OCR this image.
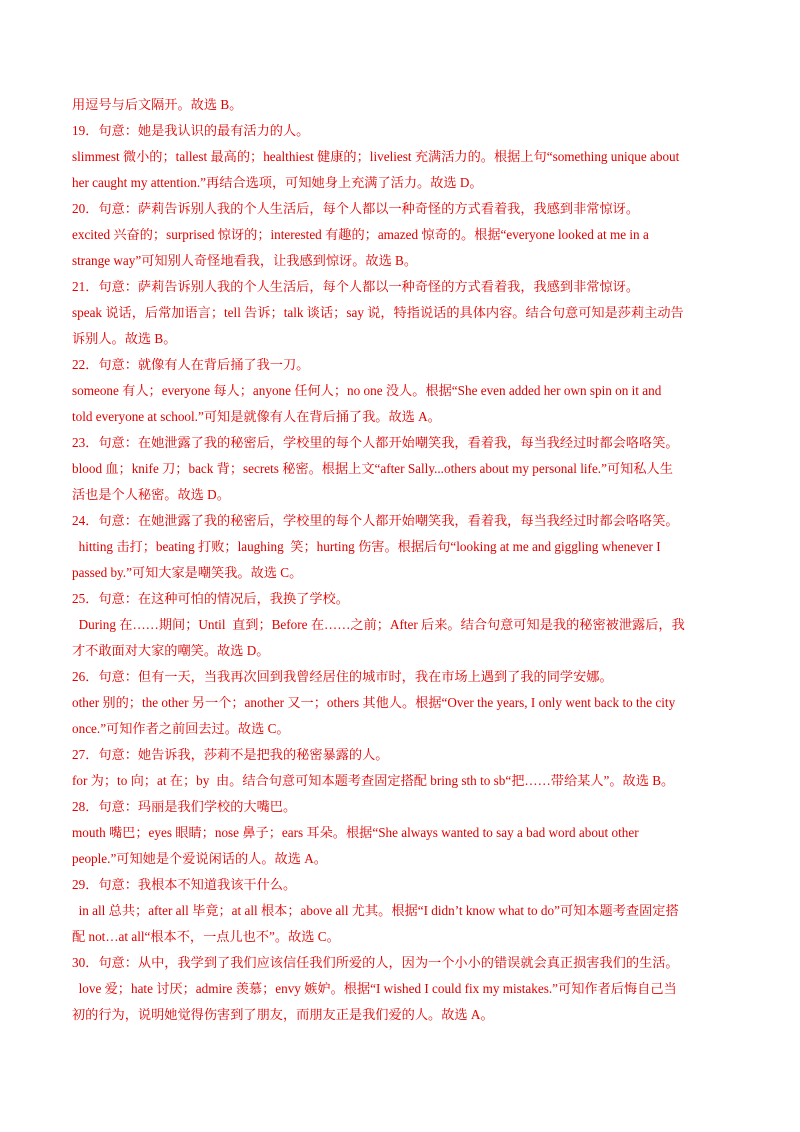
用逗号与后文隔开。故选 B。
19．句意：她是我认识的最有活力的人。
slimmest 微小的；tallest 最高的；healthiest 健康的；liveliest 充满活力的。根据上句“something unique about
her caught my attention.”再结合选项，可知她身上充满了活力。故选 D。
20．句意：萨莉告诉别人我的个人生活后，每个人都以一种奇怪的方式看着我，我感到非常惊讶。
excited 兴奋的；surprised 惊讶的；interested 有趣的；amazed 惊奇的。根据“everyone looked at me in a
strange way”可知别人奇怪地看我，让我感到惊讶。故选 B。
21．句意：萨莉告诉别人我的个人生活后，每个人都以一种奇怪的方式看着我，我感到非常惊讶。
speak 说话，后常加语言；tell 告诉；talk 谈话；say 说，特指说话的具体内容。结合句意可知是莎莉主动告
诉别人。故选 B。
22．句意：就像有人在背后捅了我一刀。
someone 有人；everyone 每人；anyone 任何人；no one 没人。根据“She even added her own spin on it and
told everyone at school.”可知是就像有人在背后捅了我。故选 A。
23．句意：在她泄露了我的秘密后，学校里的每个人都开始嘲笑我，看着我，每当我经过时都会咯咯笑。
blood 血；knife 刀；back 背；secrets 秘密。根据上文“after Sally...others about my personal life.”可知私人生
活也是个人秘密。故选 D。
24．句意：在她泄露了我的秘密后，学校里的每个人都开始嘲笑我，看着我，每当我经过时都会咯咯笑。
hitting 击打；beating 打败；laughing  笑；hurting 伤害。根据后句“looking at me and giggling whenever I
passed by.”可知大家是嘲笑我。故选 C。
25．句意：在这种可怕的情况后，我换了学校。
During 在……期间；Until  直到；Before 在……之前；After 后来。结合句意可知是我的秘密被泄露后，我
才不敢面对大家的嘲笑。故选 D。
26．句意：但有一天，当我再次回到我曾经居住的城市时，我在市场上遇到了我的同学安娜。
other 别的；the other 另一个；another 又一；others 其他人。根据“Over the years, I only went back to the city
once.”可知作者之前回去过。故选 C。
27．句意：她告诉我，莎莉不是把我的秘密暴露的人。
for 为；to 向；at 在；by  由。结合句意可知本题考查固定搭配 bring sth to sb“把……带给某人”。故选 B。
28．句意：玛丽是我们学校的大嘴巴。
mouth 嘴巴；eyes 眼睛；nose 鼻子；ears 耳朵。根据“She always wanted to say a bad word about other
people.”可知她是个爱说闲话的人。故选 A。
29．句意：我根本不知道我该干什么。
in all 总共；after all 毕竟；at all 根本；above all 尤其。根据“I didn’t know what to do”可知本题考查固定搭
配 not…at all“根本不，一点儿也不”。故选 C。
30．句意：从中，我学到了我们应该信任我们所爱的人，因为一个小小的错误就会真正损害我们的生活。
love 爱；hate 讨厌；admire 羡慕；envy 嫉妒。根据“I wished I could fix my mistakes.”可知作者后悔自己当
初的行为，说明她觉得伤害到了朋友，而朋友正是我们爱的人。故选 A。
